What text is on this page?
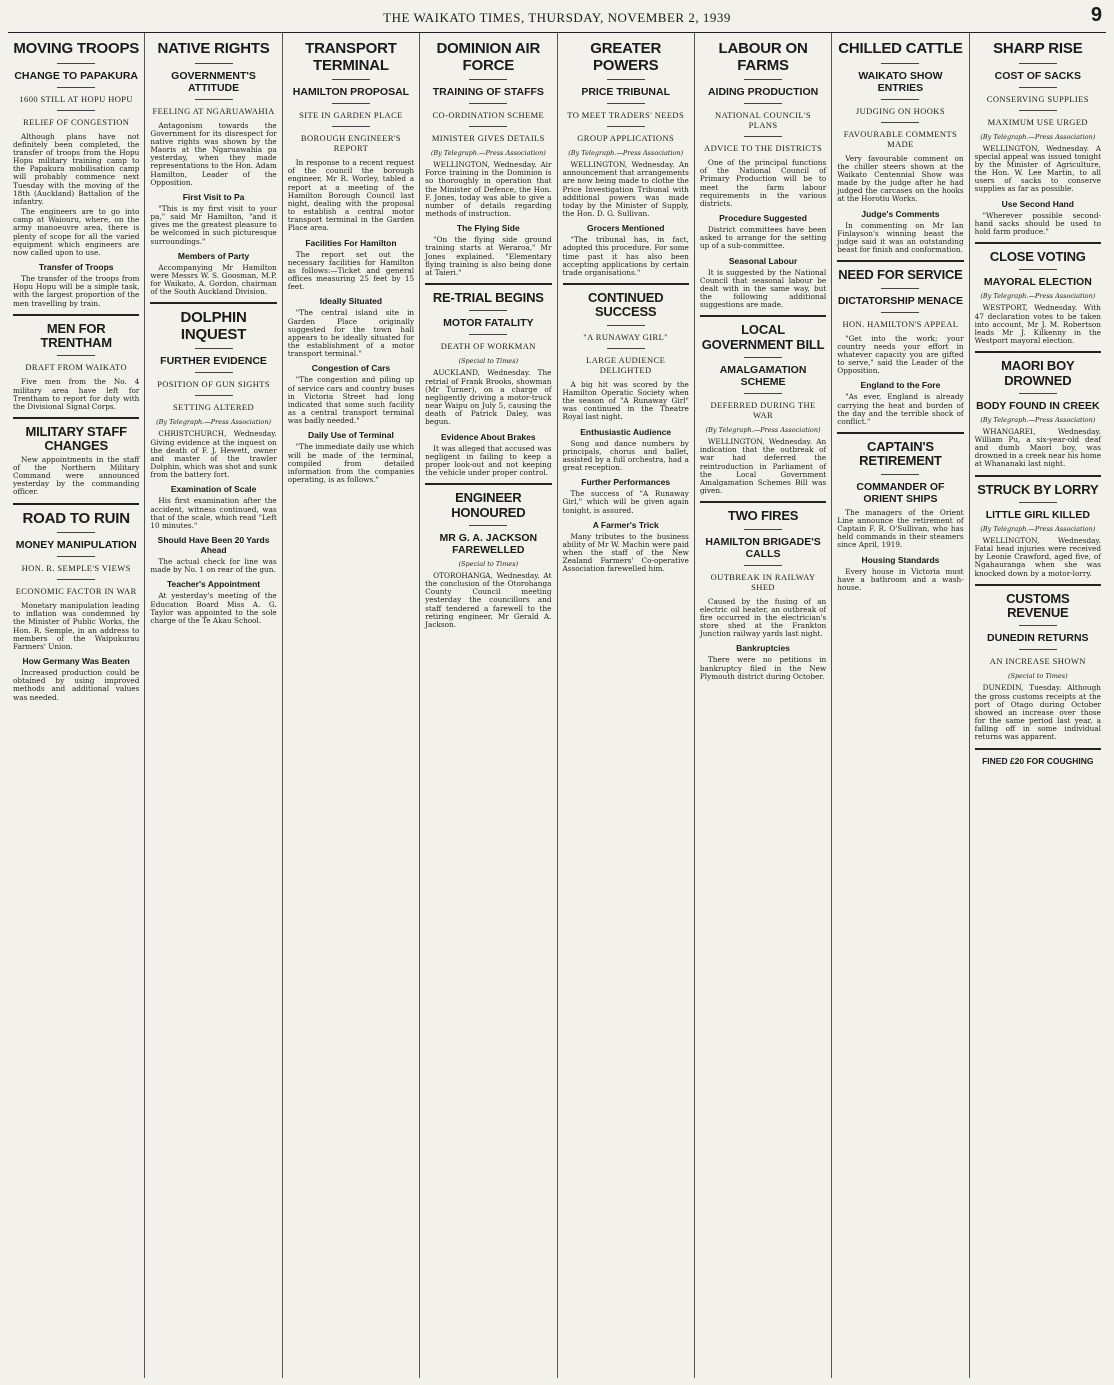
THE WAIKATO TIMES, THURSDAY, NOVEMBER 2, 1939	9
MOVING TROOPS
CHANGE TO PAPAKURA
1600 STILL AT HOPU HOPU
RELIEF OF CONGESTION

Although plans have not definitely been completed, the transfer of troops from the Hopu Hopu military training camp to the Papakura mobilisation camp will probably commence next Tuesday with the moving of the 18th (Auckland) Battalion of the infantry.

The engineers are to go into camp at Waiouru, where, on the army manoeuvre area, there is plenty of scope for all the varied equipment which engineers are now called upon to use.

Transfer of Troops

The transfer of the troops from Hopu Hopu will be a simple task, with the largest proportion of the men travelling by train.

MEN FOR TRENTHAM
DRAFT FROM WAIKATO

Five men from the No. 4 military area have left for Trentham to report for duty with the Divisional Signal Corps.

MILITARY STAFF CHANGES

New appointments in the staff of the Northern Military Command were announced yesterday by the commanding officer.

ROAD TO RUIN
MONEY MANIPULATION
HON. R. SEMPLE'S VIEWS
ECONOMIC FACTOR IN WAR

Monetary manipulation leading to inflation was condemned by the Minister of Public Works, the Hon. R. Semple, in an address to members of the Waipukurau Farmers' Union.

How Germany Was Beaten

Increased production could be obtained by using improved methods and additional values was needed.

NATIVE RIGHTS
GOVERNMENT'S ATTITUDE
FEELING AT NGARUAWAHIA

Antagonism towards the Government for its disrespect for native rights was shown by the Maoris at the Ngaruawahia pa yesterday, when they made representations to the Hon. Adam Hamilton, Leader of the Opposition.

First Visit to Pa

"This is my first visit to your pa," said Mr Hamilton, "and it gives me the greatest pleasure to be welcomed in such picturesque surroundings."

Members of Party

Accompanying Mr Hamilton were Messrs W. S. Goosman, M.P. for Waikato, A. Gordon, chairman of the South Auckland Division.

DOLPHIN INQUEST
FURTHER EVIDENCE
POSITION OF GUN SIGHTS
SETTING ALTERED
(By Telegraph.—Press Association)

CHRISTCHURCH, Wednesday. Giving evidence at the inquest on the death of F. J. Hewett, owner and master of the trawler Dolphin, which was shot and sunk from the battery fort.

Examination of Scale

His first examination after the accident, witness continued, was that of the scale, which read "Left 10 minutes."

Should Have Been 20 Yards Ahead

The actual check for line was made by No. 1 on rear of the gun.

Teacher's Appointment

At yesterday's meeting of the Education Board Miss A. G. Taylor was appointed to the sole charge of the Te Akau School.

TRANSPORT TERMINAL
HAMILTON PROPOSAL
SITE IN GARDEN PLACE
BOROUGH ENGINEER'S REPORT

In response to a recent request of the council the borough engineer, Mr R. Worley, tabled a report at a meeting of the Hamilton Borough Council last night, dealing with the proposal to establish a central motor transport terminal in the Garden Place area.

Facilities For Hamilton

The report set out the necessary facilities for Hamilton as follows:—Ticket and general offices measuring 25 feet by 15 feet.

Ideally Situated

"The central island site in Garden Place originally suggested for the town hall appears to be ideally situated for the establishment of a motor transport terminal."

Congestion of Cars

"The congestion and piling up of service cars and country buses in Victoria Street had long indicated that some such facility as a central transport terminal was badly needed."

Daily Use of Terminal

"The immediate daily use which will be made of the terminal, compiled from detailed information from the companies operating, is as follows."

DOMINION AIR FORCE
TRAINING OF STAFFS
CO-ORDINATION SCHEME
MINISTER GIVES DETAILS
(By Telegraph.—Press Association)

WELLINGTON, Wednesday. Air Force training in the Dominion is so thoroughly in operation that the Minister of Defence, the Hon. F. Jones, today was able to give a number of details regarding methods of instruction.

The Flying Side

"On the flying side ground training starts at Weraroa," Mr Jones explained. "Elementary flying training is also being done at Taieri."

RE-TRIAL BEGINS
MOTOR FATALITY
DEATH OF WORKMAN
(Special to Times)

AUCKLAND, Wednesday. The retrial of Frank Brooks, showman (Mr Turner), on a charge of negligently driving a motor-truck near Waipu on July 5, causing the death of Patrick Daley, was begun.

Evidence About Brakes

It was alleged that accused was negligent in failing to keep a proper look-out and not keeping the vehicle under proper control.

ENGINEER HONOURED
MR G. A. JACKSON FAREWELLED
(Special to Times)

OTOROHANGA, Wednesday. At the conclusion of the Otorohanga County Council meeting yesterday the councillors and staff tendered a farewell to the retiring engineer, Mr Gerald A. Jackson.

GREATER POWERS
PRICE TRIBUNAL
TO MEET TRADERS' NEEDS
GROUP APPLICATIONS
(By Telegraph.—Press Association)

WELLINGTON, Wednesday. An announcement that arrangements are now being made to clothe the Price Investigation Tribunal with additional powers was made today by the Minister of Supply, the Hon. D. G. Sullivan.

Grocers Mentioned

"The tribunal has, in fact, adopted this procedure. For some time past it has also been accepting applications by certain trade organisations."

CONTINUED SUCCESS
"A RUNAWAY GIRL"
LARGE AUDIENCE DELIGHTED

A big hit was scored by the Hamilton Operatic Society when the season of "A Runaway Girl" was continued in the Theatre Royal last night.

Enthusiastic Audience

Song and dance numbers by principals, chorus and ballet, assisted by a full orchestra, had a great reception.

Further Performances

The success of "A Runaway Girl," which will be given again tonight, is assured.

A Farmer's Trick

Many tributes to the business ability of Mr W. Machin were paid when the staff of the New Zealand Farmers' Co-operative Association farewelled him.

LABOUR ON FARMS
AIDING PRODUCTION
NATIONAL COUNCIL'S PLANS
ADVICE TO THE DISTRICTS

One of the principal functions of the National Council of Primary Production will be to meet the farm labour requirements in the various districts.

Procedure Suggested

District committees have been asked to arrange for the setting up of a sub-committee.

Seasonal Labour

It is suggested by the National Council that seasonal labour be dealt with in the same way, but the following additional suggestions are made.

LOCAL GOVERNMENT BILL
AMALGAMATION SCHEME
DEFERRED DURING THE WAR
(By Telegraph.—Press Association)

WELLINGTON, Wednesday. An indication that the outbreak of war had deferred the reintroduction in Parliament of the Local Government Amalgamation Schemes Bill was given.

TWO FIRES
HAMILTON BRIGADE'S CALLS
OUTBREAK IN RAILWAY SHED

Caused by the fusing of an electric oil heater, an outbreak of fire occurred in the electrician's store shed at the Frankton Junction railway yards last night.

Bankruptcies

There were no petitions in bankruptcy filed in the New Plymouth district during October.

CHILLED CATTLE
WAIKATO SHOW ENTRIES
JUDGING ON HOOKS
FAVOURABLE COMMENTS MADE

Very favourable comment on the chiller steers shown at the Waikato Centennial Show was made by the judge after he had judged the carcases on the hooks at the Horotiu Works.

Judge's Comments

In commenting on Mr Ian Finlayson's winning beast the judge said it was an outstanding beast for finish and conformation.

NEED FOR SERVICE
DICTATORSHIP MENACE
HON. HAMILTON'S APPEAL

"Get into the work; your country needs your effort in whatever capacity you are gifted to serve," said the Leader of the Opposition.

England to the Fore

"As ever, England is already carrying the heat and burden of the day and the terrible shock of conflict."

CAPTAIN'S RETIREMENT
COMMANDER OF ORIENT SHIPS

The managers of the Orient Line announce the retirement of Captain F. R. O'Sullivan, who has held commands in their steamers since April, 1919.

Housing Standards

Every house in Victoria must have a bathroom and a wash-house.

SHARP RISE
COST OF SACKS
CONSERVING SUPPLIES
MAXIMUM USE URGED
(By Telegraph.—Press Association)

WELLINGTON, Wednesday. A special appeal was issued tonight by the Minister of Agriculture, the Hon. W. Lee Martin, to all users of sacks to conserve supplies as far as possible.

Use Second Hand

"Wherever possible second-hand sacks should be used to hold farm produce."

CLOSE VOTING
MAYORAL ELECTION
(By Telegraph.—Press Association)

WESTPORT, Wednesday. With 47 declaration votes to be taken into account, Mr J. M. Robertson leads Mr J. Kilkenny in the Westport mayoral election.

MAORI BOY DROWNED
BODY FOUND IN CREEK
(By Telegraph.—Press Association)

WHANGAREI, Wednesday. William Pu, a six-year-old deaf and dumb Maori boy, was drowned in a creek near his home at Whananaki last night.

STRUCK BY LORRY
LITTLE GIRL KILLED
(By Telegraph.—Press Association)

WELLINGTON, Wednesday. Fatal head injuries were received by Leonie Crawford, aged five, of Ngahauranga when she was knocked down by a motor-lorry.

CUSTOMS REVENUE
DUNEDIN RETURNS
AN INCREASE SHOWN
(Special to Times)

DUNEDIN, Tuesday. Although the gross customs receipts at the port of Otago during October showed an increase over those for the same period last year, a falling off in some individual returns was apparent.

FINED £20 FOR COUGHING
